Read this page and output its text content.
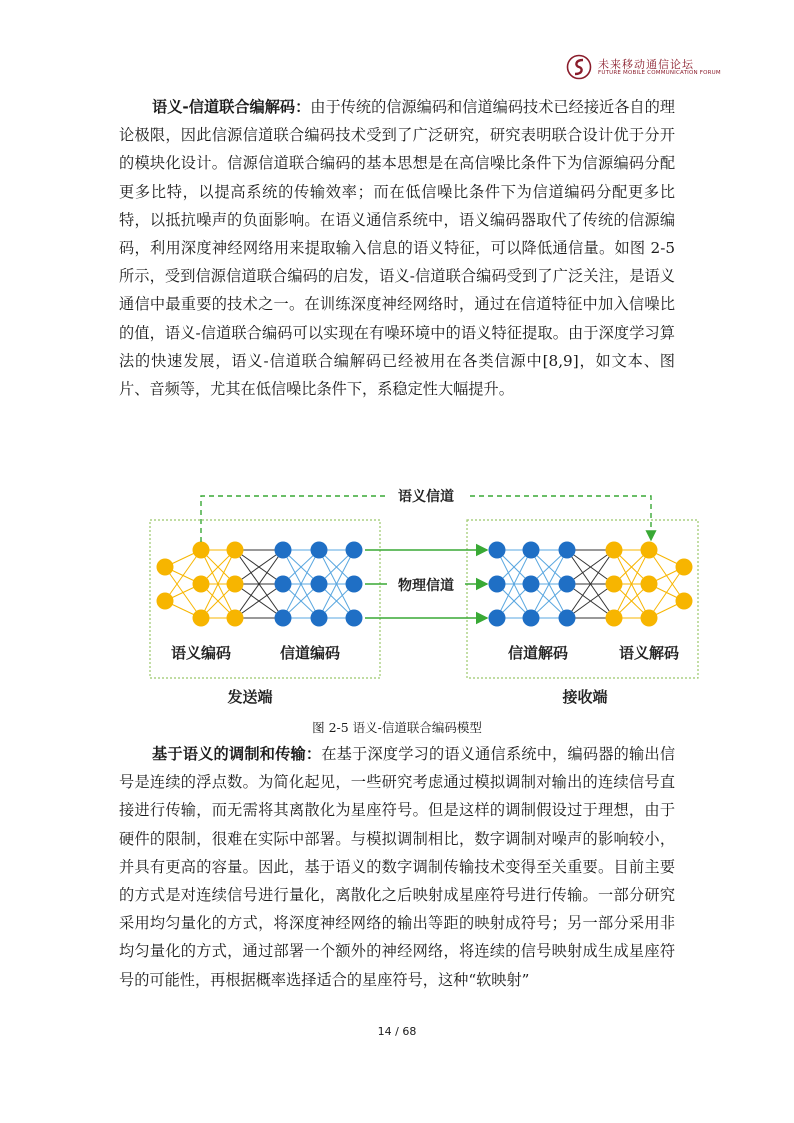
未来移动通信论坛
FUTURE MOBILE COMMUNICATION FORUM

语义-信道联合编解码：由于传统的信源编码和信道编码技术已经接近各自的理论极限，因此信源信道联合编码技术受到了广泛研究，研究表明联合设计优于分开的模块化设计。信源信道联合编码的基本思想是在高信噪比条件下为信源编码分配更多比特，以提高系统的传输效率；而在低信噪比条件下为信道编码分配更多比特，以抵抗噪声的负面影响。在语义通信系统中，语义编码器取代了传统的信源编码，利用深度神经网络用来提取输入信息的语义特征，可以降低通信量。如图 2-5 所示，受到信源信道联合编码的启发，语义-信道联合编码受到了广泛关注，是语义通信中最重要的技术之一。在训练深度神经网络时，通过在信道特征中加入信噪比的值，语义-信道联合编码可以实现在有噪环境中的语义特征提取。由于深度学习算法的快速发展，语义-信道联合编解码已经被用在各类信源中[8,9]，如文本、图片、音频等，尤其在低信噪比条件下，系稳定性大幅提升。

语义信道
物理信道
语义编码	信道编码	信道解码	语义解码
发送端	接收端
图 2-5 语义-信道联合编码模型

基于语义的调制和传输：在基于深度学习的语义通信系统中，编码器的输出信号是连续的浮点数。为简化起见，一些研究考虑通过模拟调制对输出的连续信号直接进行传输，而无需将其离散化为星座符号。但是这样的调制假设过于理想，由于硬件的限制，很难在实际中部署。与模拟调制相比，数字调制对噪声的影响较小，并具有更高的容量。因此，基于语义的数字调制传输技术变得至关重要。目前主要的方式是对连续信号进行量化，离散化之后映射成星座符号进行传输。一部分研究采用均匀量化的方式，将深度神经网络的输出等距的映射成符号；另一部分采用非均匀量化的方式，通过部署一个额外的神经网络，将连续的信号映射成生成星座符号的可能性，再根据概率选择适合的星座符号，这种“软映射”

14 / 68
